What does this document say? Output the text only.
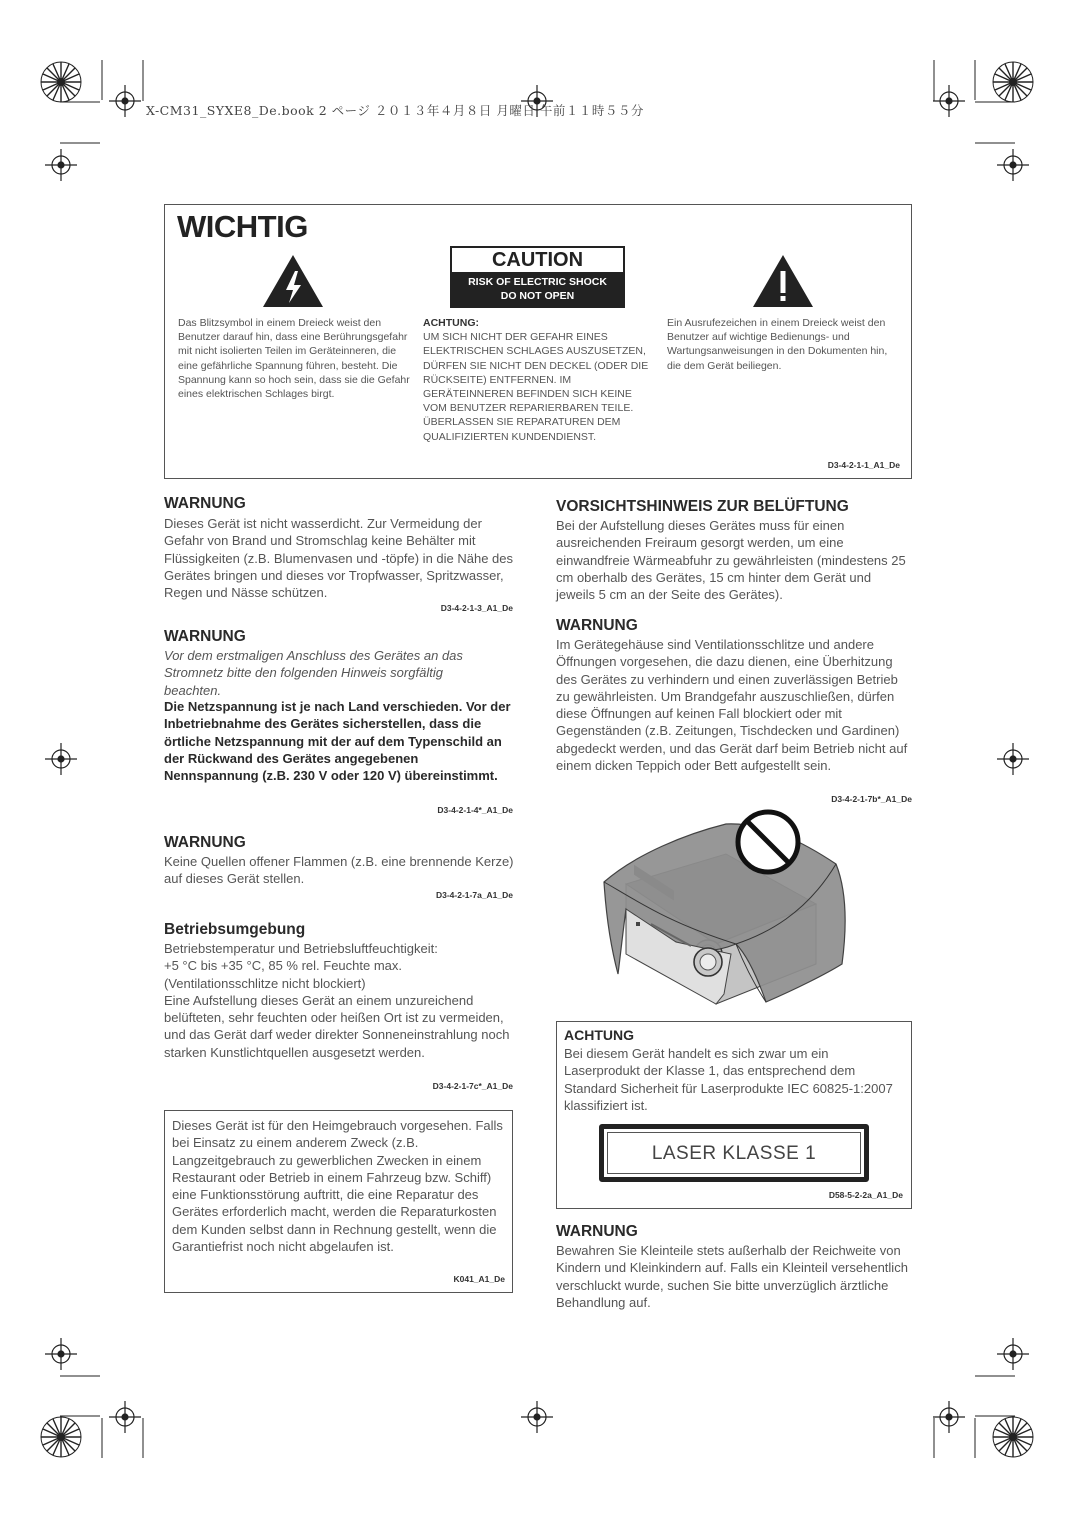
X-CM31_SYXE8_De.book 2 ページ ２０１３年４月８日 月曜日 午前１１時５５分
WICHTIG
CAUTION
RISK OF ELECTRIC SHOCK
DO NOT OPEN
Das Blitzsymbol in einem Dreieck weist den Benutzer darauf hin, dass eine Berührungsgefahr mit nicht isolierten Teilen im Geräteinneren, die eine gefährliche Spannung führen, besteht. Die Spannung kann so hoch sein, dass sie die Gefahr eines elektrischen Schlages birgt.
ACHTUNG:
UM SICH NICHT DER GEFAHR EINES ELEKTRISCHEN SCHLAGES AUSZUSETZEN, DÜRFEN SIE NICHT DEN DECKEL (ODER DIE RÜCKSEITE) ENTFERNEN. IM GERÄTEINNEREN BEFINDEN SICH KEINE VOM BENUTZER REPARIERBAREN TEILE. ÜBERLASSEN SIE REPARATUREN DEM QUALIFIZIERTEN KUNDENDIENST.
Ein Ausrufezeichen in einem Dreieck weist den Benutzer auf wichtige Bedienungs- und Wartungsanweisungen in den Dokumenten hin, die dem Gerät beiliegen.
D3-4-2-1-1_A1_De
WARNUNG
Dieses Gerät ist nicht wasserdicht. Zur Vermeidung der Gefahr von Brand und Stromschlag keine Behälter mit Flüssigkeiten (z.B. Blumenvasen und -töpfe) in die Nähe des Gerätes bringen und dieses vor Tropfwasser, Spritzwasser, Regen und Nässe schützen.
D3-4-2-1-3_A1_De
WARNUNG
Vor dem erstmaligen Anschluss des Gerätes an das Stromnetz bitte den folgenden Hinweis sorgfältig beachten.
Die Netzspannung ist je nach Land verschieden. Vor der Inbetriebnahme des Gerätes sicherstellen, dass die örtliche Netzspannung mit der auf dem Typenschild an der Rückwand des Gerätes angegebenen Nennspannung (z.B. 230 V oder 120 V) übereinstimmt.
D3-4-2-1-4*_A1_De
WARNUNG
Keine Quellen offener Flammen (z.B. eine brennende Kerze) auf dieses Gerät stellen.
D3-4-2-1-7a_A1_De
Betriebsumgebung
Betriebstemperatur und Betriebsluftfeuchtigkeit:
+5 °C bis +35 °C, 85 % rel. Feuchte max.
(Ventilationsschlitze nicht blockiert)
Eine Aufstellung dieses Gerät an einem unzureichend belüfteten, sehr feuchten oder heißen Ort ist zu vermeiden, und das Gerät darf weder direkter Sonneneinstrahlung noch starken Kunstlichtquellen ausgesetzt werden.
D3-4-2-1-7c*_A1_De
Dieses Gerät ist für den Heimgebrauch vorgesehen. Falls bei Einsatz zu einem anderem Zweck (z.B. Langzeitgebrauch zu gewerblichen Zwecken in einem Restaurant oder Betrieb in einem Fahrzeug bzw. Schiff) eine Funktionsstörung auftritt, die eine Reparatur des Gerätes erforderlich macht, werden die Reparaturkosten dem Kunden selbst dann in Rechnung gestellt, wenn die Garantiefrist noch nicht abgelaufen ist.
K041_A1_De
VORSICHTSHINWEIS ZUR BELÜFTUNG
Bei der Aufstellung dieses Gerätes muss für einen ausreichenden Freiraum gesorgt werden, um eine einwandfreie Wärmeabfuhr zu gewährleisten (mindestens 25 cm oberhalb des Gerätes, 15 cm hinter dem Gerät und jeweils 5 cm an der Seite des Gerätes).
WARNUNG
Im Gerätegehäuse sind Ventilationsschlitze und andere Öffnungen vorgesehen, die dazu dienen, eine Überhitzung des Gerätes zu verhindern und einen zuverlässigen Betrieb zu gewährleisten. Um Brandgefahr auszuschließen, dürfen diese Öffnungen auf keinen Fall blockiert oder mit Gegenständen (z.B. Zeitungen, Tischdecken und Gardinen) abgedeckt werden, und das Gerät darf beim Betrieb nicht auf einem dicken Teppich oder Bett aufgestellt sein.
D3-4-2-1-7b*_A1_De
ACHTUNG
Bei diesem Gerät handelt es sich zwar um ein Laserprodukt der Klasse 1, das entsprechend dem Standard Sicherheit für Laserprodukte IEC 60825-1:2007 klassifiziert ist.
LASER KLASSE 1
D58-5-2-2a_A1_De
WARNUNG
Bewahren Sie Kleinteile stets außerhalb der Reichweite von Kindern und Kleinkindern auf. Falls ein Kleinteil versehentlich verschluckt wurde, suchen Sie bitte unverzüglich ärztliche Behandlung auf.
